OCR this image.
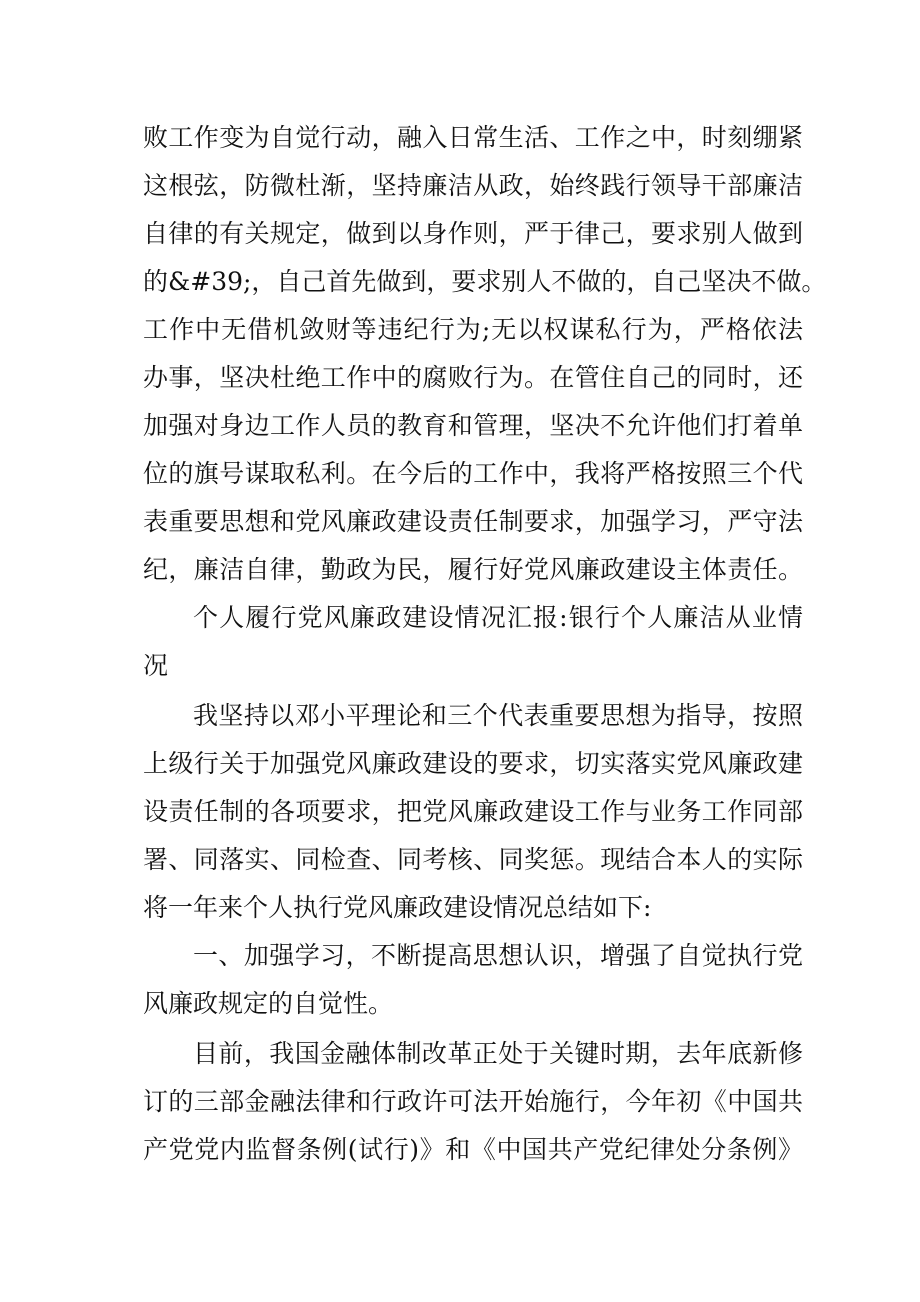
败工作变为自觉行动，融入日常生活、工作之中，时刻绷紧
这根弦，防微杜渐，坚持廉洁从政，始终践行领导干部廉洁
自律的有关规定，做到以身作则，严于律己，要求别人做到
的&#39;，自己首先做到，要求别人不做的，自己坚决不做。
工作中无借机敛财等违纪行为;无以权谋私行为，严格依法
办事，坚决杜绝工作中的腐败行为。在管住自己的同时，还
加强对身边工作人员的教育和管理，坚决不允许他们打着单
位的旗号谋取私利。在今后的工作中，我将严格按照三个代
表重要思想和党风廉政建设责任制要求，加强学习，严守法
纪，廉洁自律，勤政为民，履行好党风廉政建设主体责任。
个人履行党风廉政建设情况汇报:银行个人廉洁从业情
况
我坚持以邓小平理论和三个代表重要思想为指导，按照
上级行关于加强党风廉政建设的要求，切实落实党风廉政建
设责任制的各项要求，把党风廉政建设工作与业务工作同部
署、同落实、同检查、同考核、同奖惩。现结合本人的实际
将一年来个人执行党风廉政建设情况总结如下:
一、加强学习，不断提高思想认识，增强了自觉执行党
风廉政规定的自觉性。
目前，我国金融体制改革正处于关键时期，去年底新修
订的三部金融法律和行政许可法开始施行，今年初《中国共
产党党内监督条例(试行)》和《中国共产党纪律处分条例》
